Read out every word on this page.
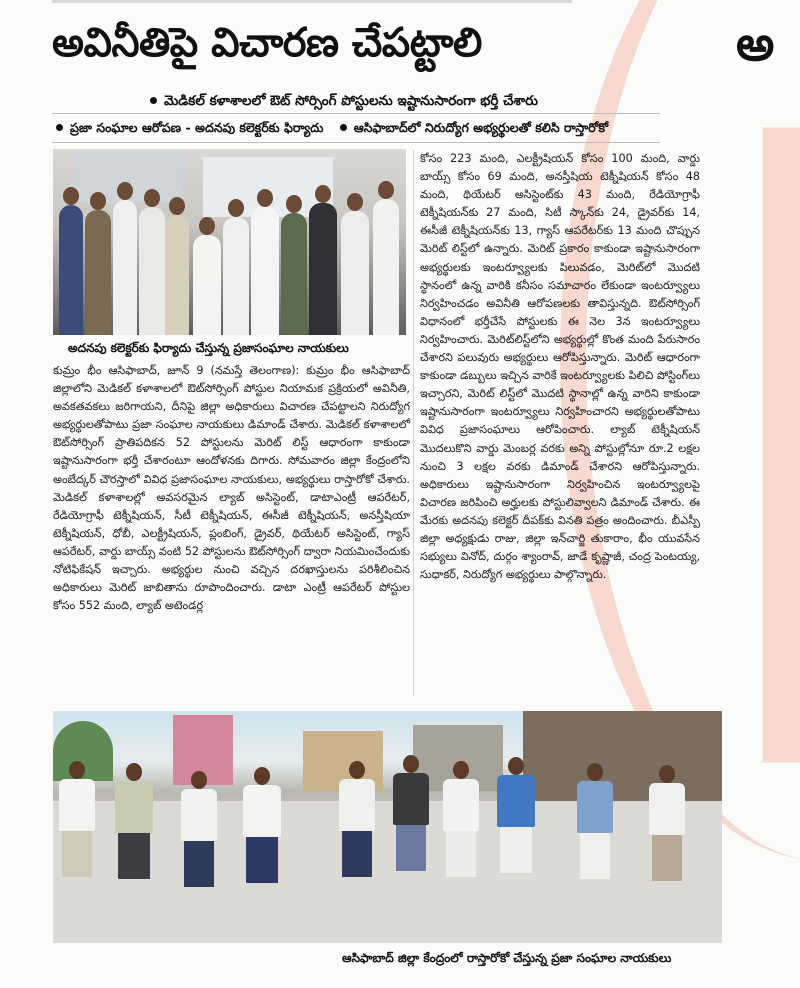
అవినీతిపై విచారణ చేపట్టాలి	అ
మెడికల్ కళాశాలలో ఔట్ సోర్సింగ్ పోస్టులను ఇష్టానుసారంగా భర్తీ చేశారు
ప్రజా సంఘాల ఆరోపణ - అదనపు కలెక్టర్‌కు ఫిర్యాదు ఆసిఫాబాద్‌లో నిరుద్యోగ అభ్యర్థులతో కలిసి రాస్తారోకో
అదనపు కలెక్టర్‌కు ఫిర్యాదు చేస్తున్న ప్రజాసంఘాల నాయకులు

కుమ్రం భీం ఆసిఫాబాద్, జూన్ 9 (నమస్తే తెలంగాణ): కుమ్రం భీం ఆసిఫాబాద్ జిల్లాలోని మెడికల్ కళాశాలలో ఔట్‌సోర్సింగ్ పోస్టుల నియామక ప్రక్రియలో అవినీతి, అవకతవకలు జరిగాయని, దీనిపై జిల్లా అధికారులు విచారణ చేపట్టాలని నిరుద్యోగ అభ్యర్థులతోపాటు ప్రజా సంఘాల నాయకులు డిమాండ్ చేశారు. మెడికల్ కళాశాలలో ఔట్‌సోర్సింగ్ ప్రాతిపదికన 52 పోస్టులను మెరిట్ లిస్ట్ ఆధారంగా కాకుండా ఇష్టానుసారంగా భర్తీ చేశారంటూ ఆందోళనకు దిగారు. సోమవారం జిల్లా కేంద్రంలోని అంబేద్కర్ చౌరస్తాలో వివిధ ప్రజాసంఘాల నాయకులు, అభ్యర్థులు రాస్తారోకో చేశారు. మెడికల్ కళాశాలల్లో అవసరమైన ల్యాబ్ అసిస్టెంట్, డాటాఎంట్రీ ఆపరేటర్, రేడియోగ్రాఫీ టెక్నీషియన్, సీటీ టెక్నీషియన్, ఈసీజీ టెక్నీషియన్, అనస్తీషియా టెక్నీషియన్, ధోబీ, ఎలక్ట్రీషియన్, ప్లంబింగ్, డ్రైవర్, థియేటర్ అసిస్టెంట్, గ్యాస్ ఆపరేటర్, వార్డు బాయ్స్ వంటి 52 పోస్టులను ఔట్‌సోర్సింగ్ ద్వారా నియమించేందుకు నోటిఫికేషన్ ఇచ్చారు. అభ్యర్థుల నుంచి వచ్చిన దరఖాస్తులను పరిశీలించిన అధికారులు మెరిట్ జాబితాను రూపొందించారు. డాటా ఎంట్రీ ఆపరేటర్ పోస్టుల కోసం 552 మంది, ల్యాబ్ అటెండర్ల

కోసం 223 మంది, ఎలక్ట్రీషియన్ కోసం 100 మంది, వార్డు బాయ్స్ కోసం 69 మంది, అనస్తీషియ టెక్నీషియన్ కోసం 48 మంది, థియేటర్ అసిస్టెంట్‌కు 43 మంది, రేడియోగ్రాఫీ టెక్నీషియన్‌కు 27 మంది, సిటీ స్కాన్‌కు 24, డ్రైవర్‌కు 14, ఈసీజీ టెక్నీషియన్‌కు 13, గ్యాస్ ఆపరేటర్‌కు 13 మంది చొప్పున మెరిట్ లిస్ట్‌లో ఉన్నారు. మెరిట్ ప్రకారం కాకుండా ఇష్టానుసారంగా అభ్యర్థులకు ఇంటర్వ్యూలకు పిలువడం, మెరిట్‌లో మొదటి స్థానంలో ఉన్న వారికి కనీసం సమాచారం లేకుండా ఇంటర్వ్యూలు నిర్వహించడం అవినీతి ఆరోపణలకు తావిస్తున్నది. ఔట్‌సోర్సింగ్ విధానంలో భర్తీచేసే పోస్టులకు ఈ నెల 3న ఇంటర్వ్యూలు నిర్వహించారు. మెరిట్‌లిస్ట్‌లోని అభ్యర్థుల్లో కొంత మంది పేరుసారం చేశారని పలువురు అభ్యర్థులు ఆరోపిస్తున్నారు. మెరిట్ ఆధారంగా కాకుండా డబ్బులు ఇచ్చిన వారికే ఇంటర్వ్యూలకు పిలిచి పోస్టింగ్‌లు ఇచ్చారని, మెరిట్ లిస్ట్‌లో మొదటి స్థానాల్లో ఉన్న వారిని కాకుండా ఇష్టానుసారంగా ఇంటర్వ్యూలు నిర్వహించారని అభ్యర్థులతోపాటు వివిధ ప్రజాసంఘాలు ఆరోపించారు. ల్యాబ్ టెక్నీషియన్ మొదలుకొని వార్డు మెంబర్ల వరకు అన్ని పోస్టుల్లోనూ రూ.2 లక్షల నుంచి 3 లక్షల వరకు డిమాండ్ చేశారని ఆరోపిస్తున్నారు. అధికారులు ఇష్టానుసారంగా నిర్వహించిన ఇంటర్వ్యూలపై విచారణ జరిపించి అర్హులకు పోస్టులివ్వాలని డిమాండ్ చేశారు. ఈ మేరకు అదనపు కలెక్టర్ దీపక్‌కు వినతి పత్రం అందించారు. బీఎస్పీ జిల్లా అధ్యక్షుడు రాజు, జిల్లా ఇన్‌చార్జి తుకారాం, భీం యువసేన సభ్యులు వినోద్, దుర్గం శ్యాంరావ్, జాడే కృష్ణాజీ, చంద్ర పెంటయ్య, సుధాకర్, నిరుద్యోగ అభ్యర్థులు పాల్గొన్నారు.

ఆసిఫాబాద్ జిల్లా కేంద్రంలో రాస్తారోకో చేస్తున్న ప్రజా సంఘాల నాయకులు
